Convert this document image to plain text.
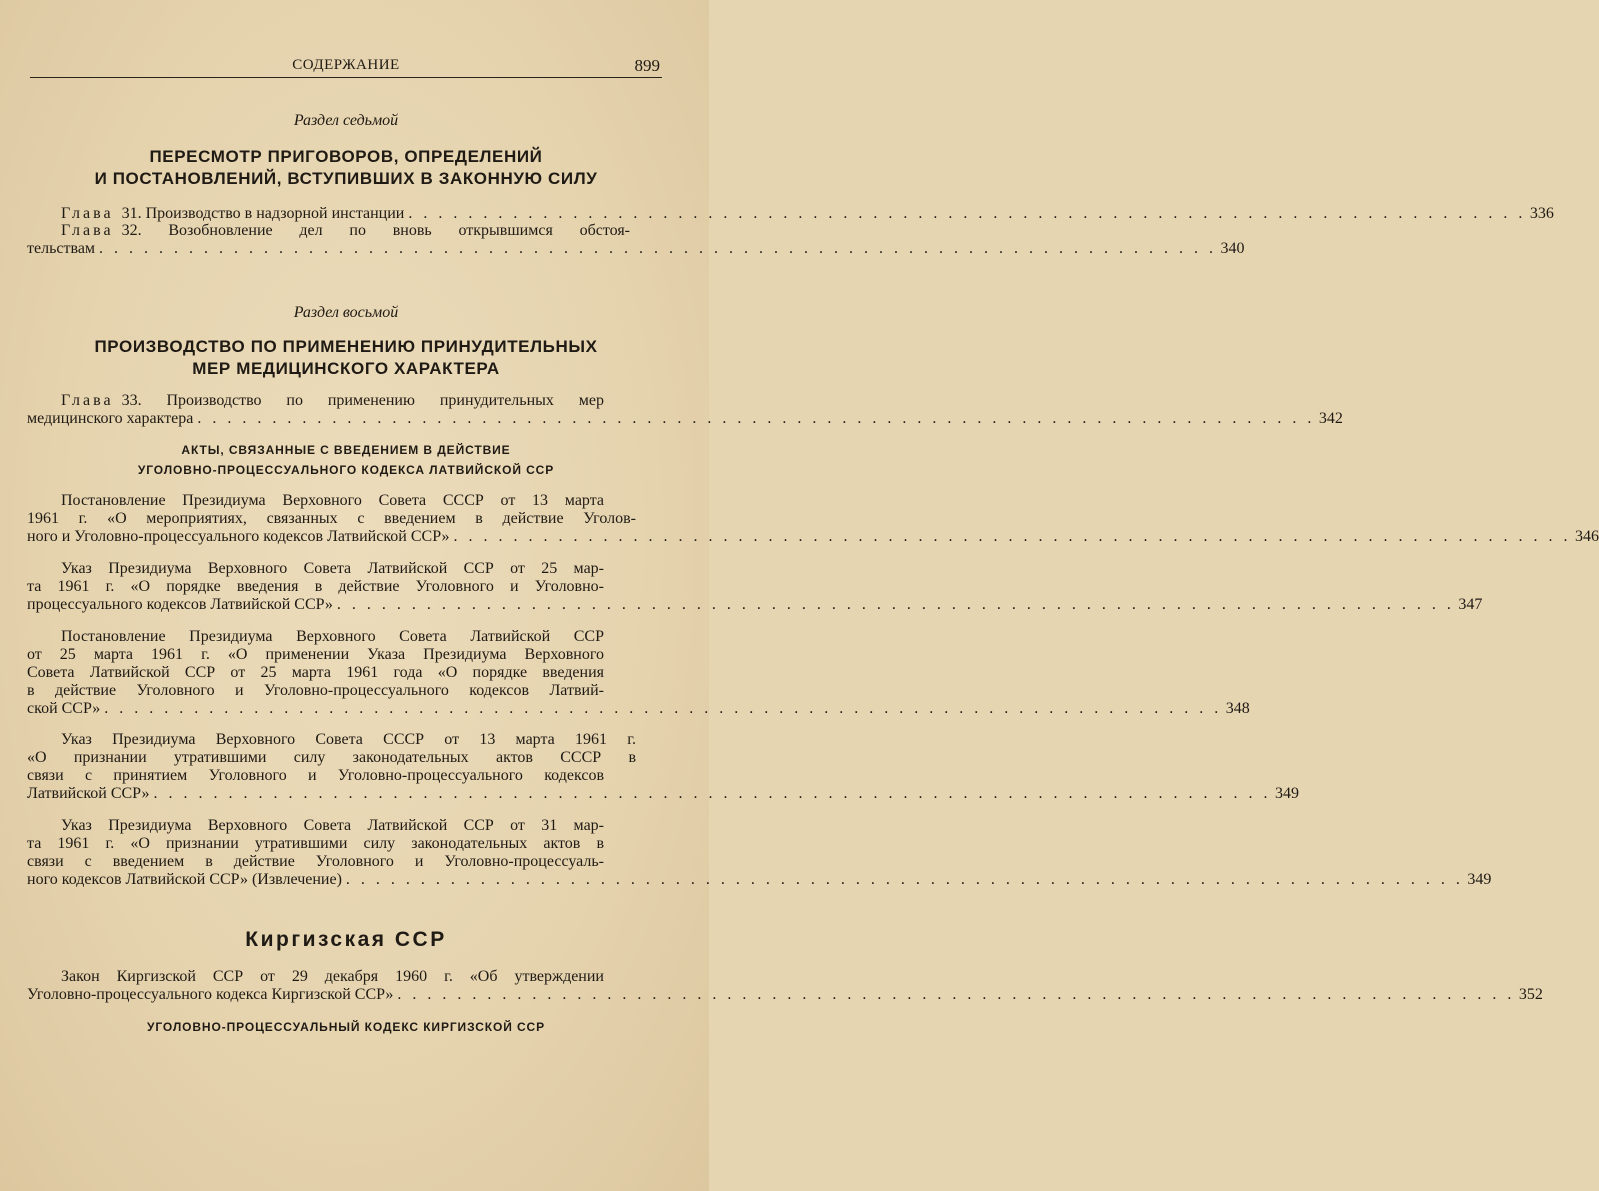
СОДЕРЖАНИЕ	899
Раздел седьмой
ПЕРЕСМОТР ПРИГОВОРОВ, ОПРЕДЕЛЕНИЙ
И ПОСТАНОВЛЕНИЙ, ВСТУПИВШИХ В ЗАКОННУЮ СИЛУ
Глава 31. Производство в надзорной инстанции . . . . . . . . . . . . . . . . . . . . . . . . . . . . . . . . . . . . . . . . . . . . . . . . . . . . . . . . . . . . . . . . . . . . . . . . . . . 336
Глава 32. Возобновление дел по вновь открывшимся обстоя-
тельствам . . . . . . . . . . . . . . . . . . . . . . . . . . . . . . . . . . . . . . . . . . . . . . . . . . . . . . . . . . . . . . . . . . . . . . . . . . . 340
Раздел восьмой
ПРОИЗВОДСТВО ПО ПРИМЕНЕНИЮ ПРИНУДИТЕЛЬНЫХ
МЕР МЕДИЦИНСКОГО ХАРАКТЕРА
Глава 33. Производство по применению принудительных мер
медицинского характера . . . . . . . . . . . . . . . . . . . . . . . . . . . . . . . . . . . . . . . . . . . . . . . . . . . . . . . . . . . . . . . . . . . . . . . . . . . 342
АКТЫ, СВЯЗАННЫЕ С ВВЕДЕНИЕМ В ДЕЙСТВИЕ
УГОЛОВНО-ПРОЦЕССУАЛЬНОГО КОДЕКСА ЛАТВИЙСКОЙ ССР
Постановление Президиума Верховного Совета СССР от 13 марта
1961 г. «О мероприятиях, связанных с введением в действие Уголов-
ного и Уголовно-процессуального кодексов Латвийской ССР» . . . . . . . . . . . . . . . . . . . . . . . . . . . . . . . . . . . . . . . . . . . . . . . . . . . . . . . . . . . . . . . . . . . . . . . . . . . 346
Указ Президиума Верховного Совета Латвийской ССР от 25 мар-
та 1961 г. «О порядке введения в действие Уголовного и Уголовно-
процессуального кодексов Латвийской ССР» . . . . . . . . . . . . . . . . . . . . . . . . . . . . . . . . . . . . . . . . . . . . . . . . . . . . . . . . . . . . . . . . . . . . . . . . . . . 347
Постановление Президиума Верховного Совета Латвийской ССР
от 25 марта 1961 г. «О применении Указа Президиума Верховного
Совета Латвийской ССР от 25 марта 1961 года «О порядке введения
в действие Уголовного и Уголовно-процессуального кодексов Латвий-
ской ССР» . . . . . . . . . . . . . . . . . . . . . . . . . . . . . . . . . . . . . . . . . . . . . . . . . . . . . . . . . . . . . . . . . . . . . . . . . . . 348
Указ Президиума Верховного Совета СССР от 13 марта 1961 г.
«О признании утратившими силу законодательных актов СССР в
связи с принятием Уголовного и Уголовно-процессуального кодексов
Латвийской ССР» . . . . . . . . . . . . . . . . . . . . . . . . . . . . . . . . . . . . . . . . . . . . . . . . . . . . . . . . . . . . . . . . . . . . . . . . . . . 349
Указ Президиума Верховного Совета Латвийской ССР от 31 мар-
та 1961 г. «О признании утратившими силу законодательных актов в
связи с введением в действие Уголовного и Уголовно-процессуаль-
ного кодексов Латвийской ССР» (Извлечение) . . . . . . . . . . . . . . . . . . . . . . . . . . . . . . . . . . . . . . . . . . . . . . . . . . . . . . . . . . . . . . . . . . . . . . . . . . . 349
Киргизская ССР
Закон Киргизской ССР от 29 декабря 1960 г. «Об утверждении
Уголовно-процессуального кодекса Киргизской ССР» . . . . . . . . . . . . . . . . . . . . . . . . . . . . . . . . . . . . . . . . . . . . . . . . . . . . . . . . . . . . . . . . . . . . . . . . . . . 352
УГОЛОВНО-ПРОЦЕССУАЛЬНЫЙ КОДЕКС КИРГИЗСКОЙ ССР
